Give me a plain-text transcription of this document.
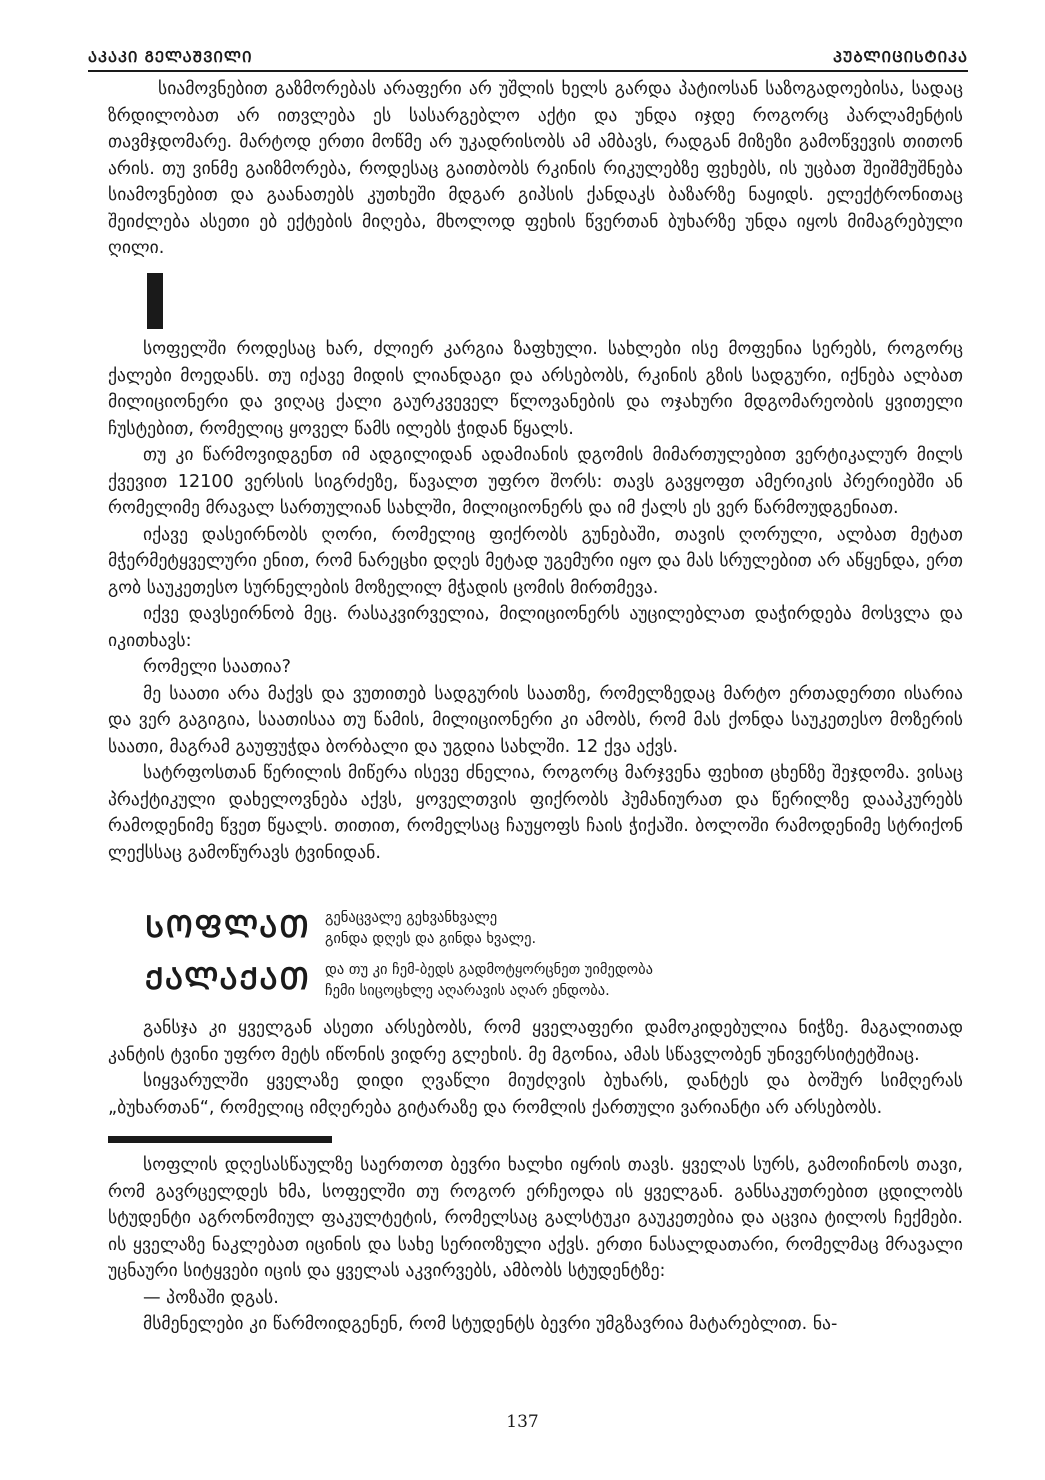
ᲐᲙᲐᲙᲘ ᲒᲔᲚᲐᲨᲕᲘᲚᲘ	ᲞᲣᲑᲚᲘᲪᲘᲡᲢᲘᲙᲐ

სიამოვნებით გაზმორებას არაფერი არ უშლის ხელს გარდა პატიოსან საზოგადოებისა, სადაც ზრდილობათ არ ითვლება ეს სასარგებლო აქტი და უნდა იჯდე როგორც პარლამენტის თავმჯდომარე. მარტოდ ერთი მოწმე არ უკადრისობს ამ ამბავს, რადგან მიზეზი გამოწვევის თითონ არის. თუ ვინმე გაიზმორება, როდესაც გაითბობს რკინის რიკულებზე ფეხებს, ის უცბათ შეიშმუშნება სიამოვნებით და გაანათებს კუთხეში მდგარ გიპსის ქანდაკს ბაზარზე ნაყიდს. ელექტრონითაც შეიძლება ასეთი ებ ექტების მიღება, მხოლოდ ფეხის წვერთან ბუხარზე უნდა იყოს მიმაგრებული ღილი.

სოფელში როდესაც ხარ, ძლიერ კარგია ზაფხული. სახლები ისე მოფენია სერებს, როგორც ქალები მოედანს. თუ იქავე მიდის ლიანდაგი და არსებობს, რკინის გზის სადგური, იქნება ალბათ მილიციონერი და ვიღაც ქალი გაურკვეველ წლოვანების და ოჯახური მდგომარეობის ყვითელი ჩუსტებით, რომელიც ყოველ წამს ილებს ჭიდან წყალს.

თუ კი წარმოვიდგენთ იმ ადგილიდან ადამიანის დგომის მიმართულებით ვერტიკალურ მილს ქვევით 12100 ვერსის სიგრძეზე, წავალთ უფრო შორს: თავს გავყოფთ ამერიკის პრერიებში ან რომელიმე მრავალ სართულიან სახლში, მილიციონერს და იმ ქალს ეს ვერ წარმოუდგენიათ.

იქავე დასეირნობს ღორი, რომელიც ფიქრობს გუნებაში, თავის ღორული, ალბათ მეტათ მჭერმეტყველური ენით, რომ ნარეცხი დღეს მეტად უგემური იყო და მას სრულებით არ აწყენდა, ერთ გობ საუკეთესო სურნელების მოზელილ მჭადის ცომის მირთმევა.

იქვე დავსეირნობ მეც. რასაკვირველია, მილიციონერს აუცილებლათ დაჭირდება მოსვლა და იკითხავს:

რომელი საათია?

მე საათი არა მაქვს და ვუთითებ სადგურის საათზე, რომელზედაც მარტო ერთადერთი ისარია და ვერ გაგიგია, საათისაა თუ წამის, მილიციონერი კი ამობს, რომ მას ქონდა საუკეთესო მოზერის საათი, მაგრამ გაუფუჭდა ბორბალი და უგდია სახლში. 12 ქვა აქვს.

სატრფოსთან წერილის მიწერა ისევე ძნელია, როგორც მარჯვენა ფეხით ცხენზე შეჯდომა. ვისაც პრაქტიკული დახელოვნება აქვს, ყოველთვის ფიქრობს ჰუმანიურათ და წერილზე დააპკურებს რამოდენიმე წვეთ წყალს. თითით, რომელსაც ჩაუყოფს ჩაის ჭიქაში. ბოლოში რამოდენიმე სტრიქონ ლექსსაც გამოწურავს ტვინიდან.

ᲡᲝᲤᲚᲐᲗ გენაცვალე გეხვანხვალე
გინდა დღეს და გინდა ხვალე.
ᲥᲐᲚᲐᲥᲐᲗ და თუ კი ჩემ-ბედს გადმოტყორცნეთ უიმედობა
ჩემი სიცოცხლე აღარავის აღარ ენდობა.

განსჯა კი ყველგან ასეთი არსებობს, რომ ყველაფერი დამოკიდებულია ნიჭზე. მაგალითად კანტის ტვინი უფრო მეტს იწონის ვიდრე გლეხის. მე მგონია, ამას სწავლობენ უნივერსიტეტშიაც.

სიყვარულში ყველაზე დიდი ღვაწლი მიუძღვის ბუხარს, დანტეს და ბოშურ სიმღერას „ბუხართან“, რომელიც იმღერება გიტარაზე და რომლის ქართული ვარიანტი არ არსებობს.

სოფლის დღესასწაულზე საერთოთ ბევრი ხალხი იყრის თავს. ყველას სურს, გამოიჩინოს თავი, რომ გავრცელდეს ხმა, სოფელში თუ როგორ ერჩეოდა ის ყველგან. განსაკუთრებით ცდილობს სტუდენტი აგრონომიულ ფაკულტეტის, რომელსაც გალსტუკი გაუკეთებია და აცვია ტილოს ჩექმები. ის ყველაზე ნაკლებათ იცინის და სახე სერიოზული აქვს. ერთი ნასალდათარი, რომელმაც მრავალი უცნაური სიტყვები იცის და ყველას აკვირვებს, ამბობს სტუდენტზე:

— პოზაში დგას.

მსმენელები კი წარმოიდგენენ, რომ სტუდენტს ბევრი უმგზავრია მატარებლით. ნა-

137
